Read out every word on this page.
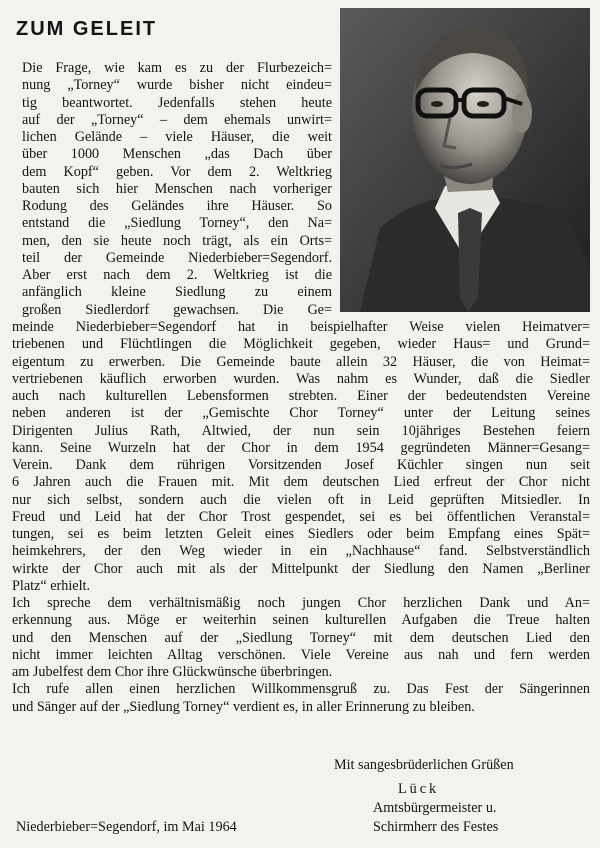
ZUM GELEIT
Die Frage, wie kam es zu der Flurbezeich=
nung „Torney“ wurde bisher nicht eindeu=
tig beantwortet. Jedenfalls stehen heute
auf der „Torney“ – dem ehemals unwirt=
lichen Gelände – viele Häuser, die weit
über 1000 Menschen „das Dach über
dem Kopf“ geben. Vor dem 2. Weltkrieg
bauten sich hier Menschen nach vorheriger
Rodung des Geländes ihre Häuser. So
entstand die „Siedlung Torney“, den Na=
men, den sie heute noch trägt, als ein Orts=
teil der Gemeinde Niederbieber=Segendorf.
Aber erst nach dem 2. Weltkrieg ist die
anfänglich kleine Siedlung zu einem
großen Siedlerdorf gewachsen. Die Ge=
meinde Niederbieber=Segendorf hat in beispielhafter Weise vielen Heimatver=
triebenen und Flüchtlingen die Möglichkeit gegeben, wieder Haus= und Grund=
eigentum zu erwerben. Die Gemeinde baute allein 32 Häuser, die von Heimat=
vertriebenen käuflich erworben wurden. Was nahm es Wunder, daß die Siedler
auch nach kulturellen Lebensformen strebten. Einer der bedeutendsten Vereine
neben anderen ist der „Gemischte Chor Torney“ unter der Leitung seines
Dirigenten Julius Rath, Altwied, der nun sein 10jähriges Bestehen feiern
kann. Seine Wurzeln hat der Chor in dem 1954 gegründeten Männer=Gesang=
Verein. Dank dem rührigen Vorsitzenden Josef Küchler singen nun seit
6 Jahren auch die Frauen mit. Mit dem deutschen Lied erfreut der Chor nicht
nur sich selbst, sondern auch die vielen oft in Leid geprüften Mitsiedler. In
Freud und Leid hat der Chor Trost gespendet, sei es bei öffentlichen Veranstal=
tungen, sei es beim letzten Geleit eines Siedlers oder beim Empfang eines Spät=
heimkehrers, der den Weg wieder in ein „Nachhause“ fand. Selbstverständlich
wirkte der Chor auch mit als der Mittelpunkt der Siedlung den Namen „Berliner
Platz“ erhielt.
Ich spreche dem verhältnismäßig noch jungen Chor herzlichen Dank und An=
erkennung aus. Möge er weiterhin seinen kulturellen Aufgaben die Treue halten
und den Menschen auf der „Siedlung Torney“ mit dem deutschen Lied den
nicht immer leichten Alltag verschönen. Viele Vereine aus nah und fern werden
am Jubelfest dem Chor ihre Glückwünsche überbringen.
Ich rufe allen einen herzlichen Willkommensgruß zu. Das Fest der Sängerinnen
und Sänger auf der „Siedlung Torney“ verdient es, in aller Erinnerung zu bleiben.
Mit sangesbrüderlichen Grüßen
Lück
Amtsbürgermeister u.
Schirmherr des Festes
Niederbieber=Segendorf, im Mai 1964
